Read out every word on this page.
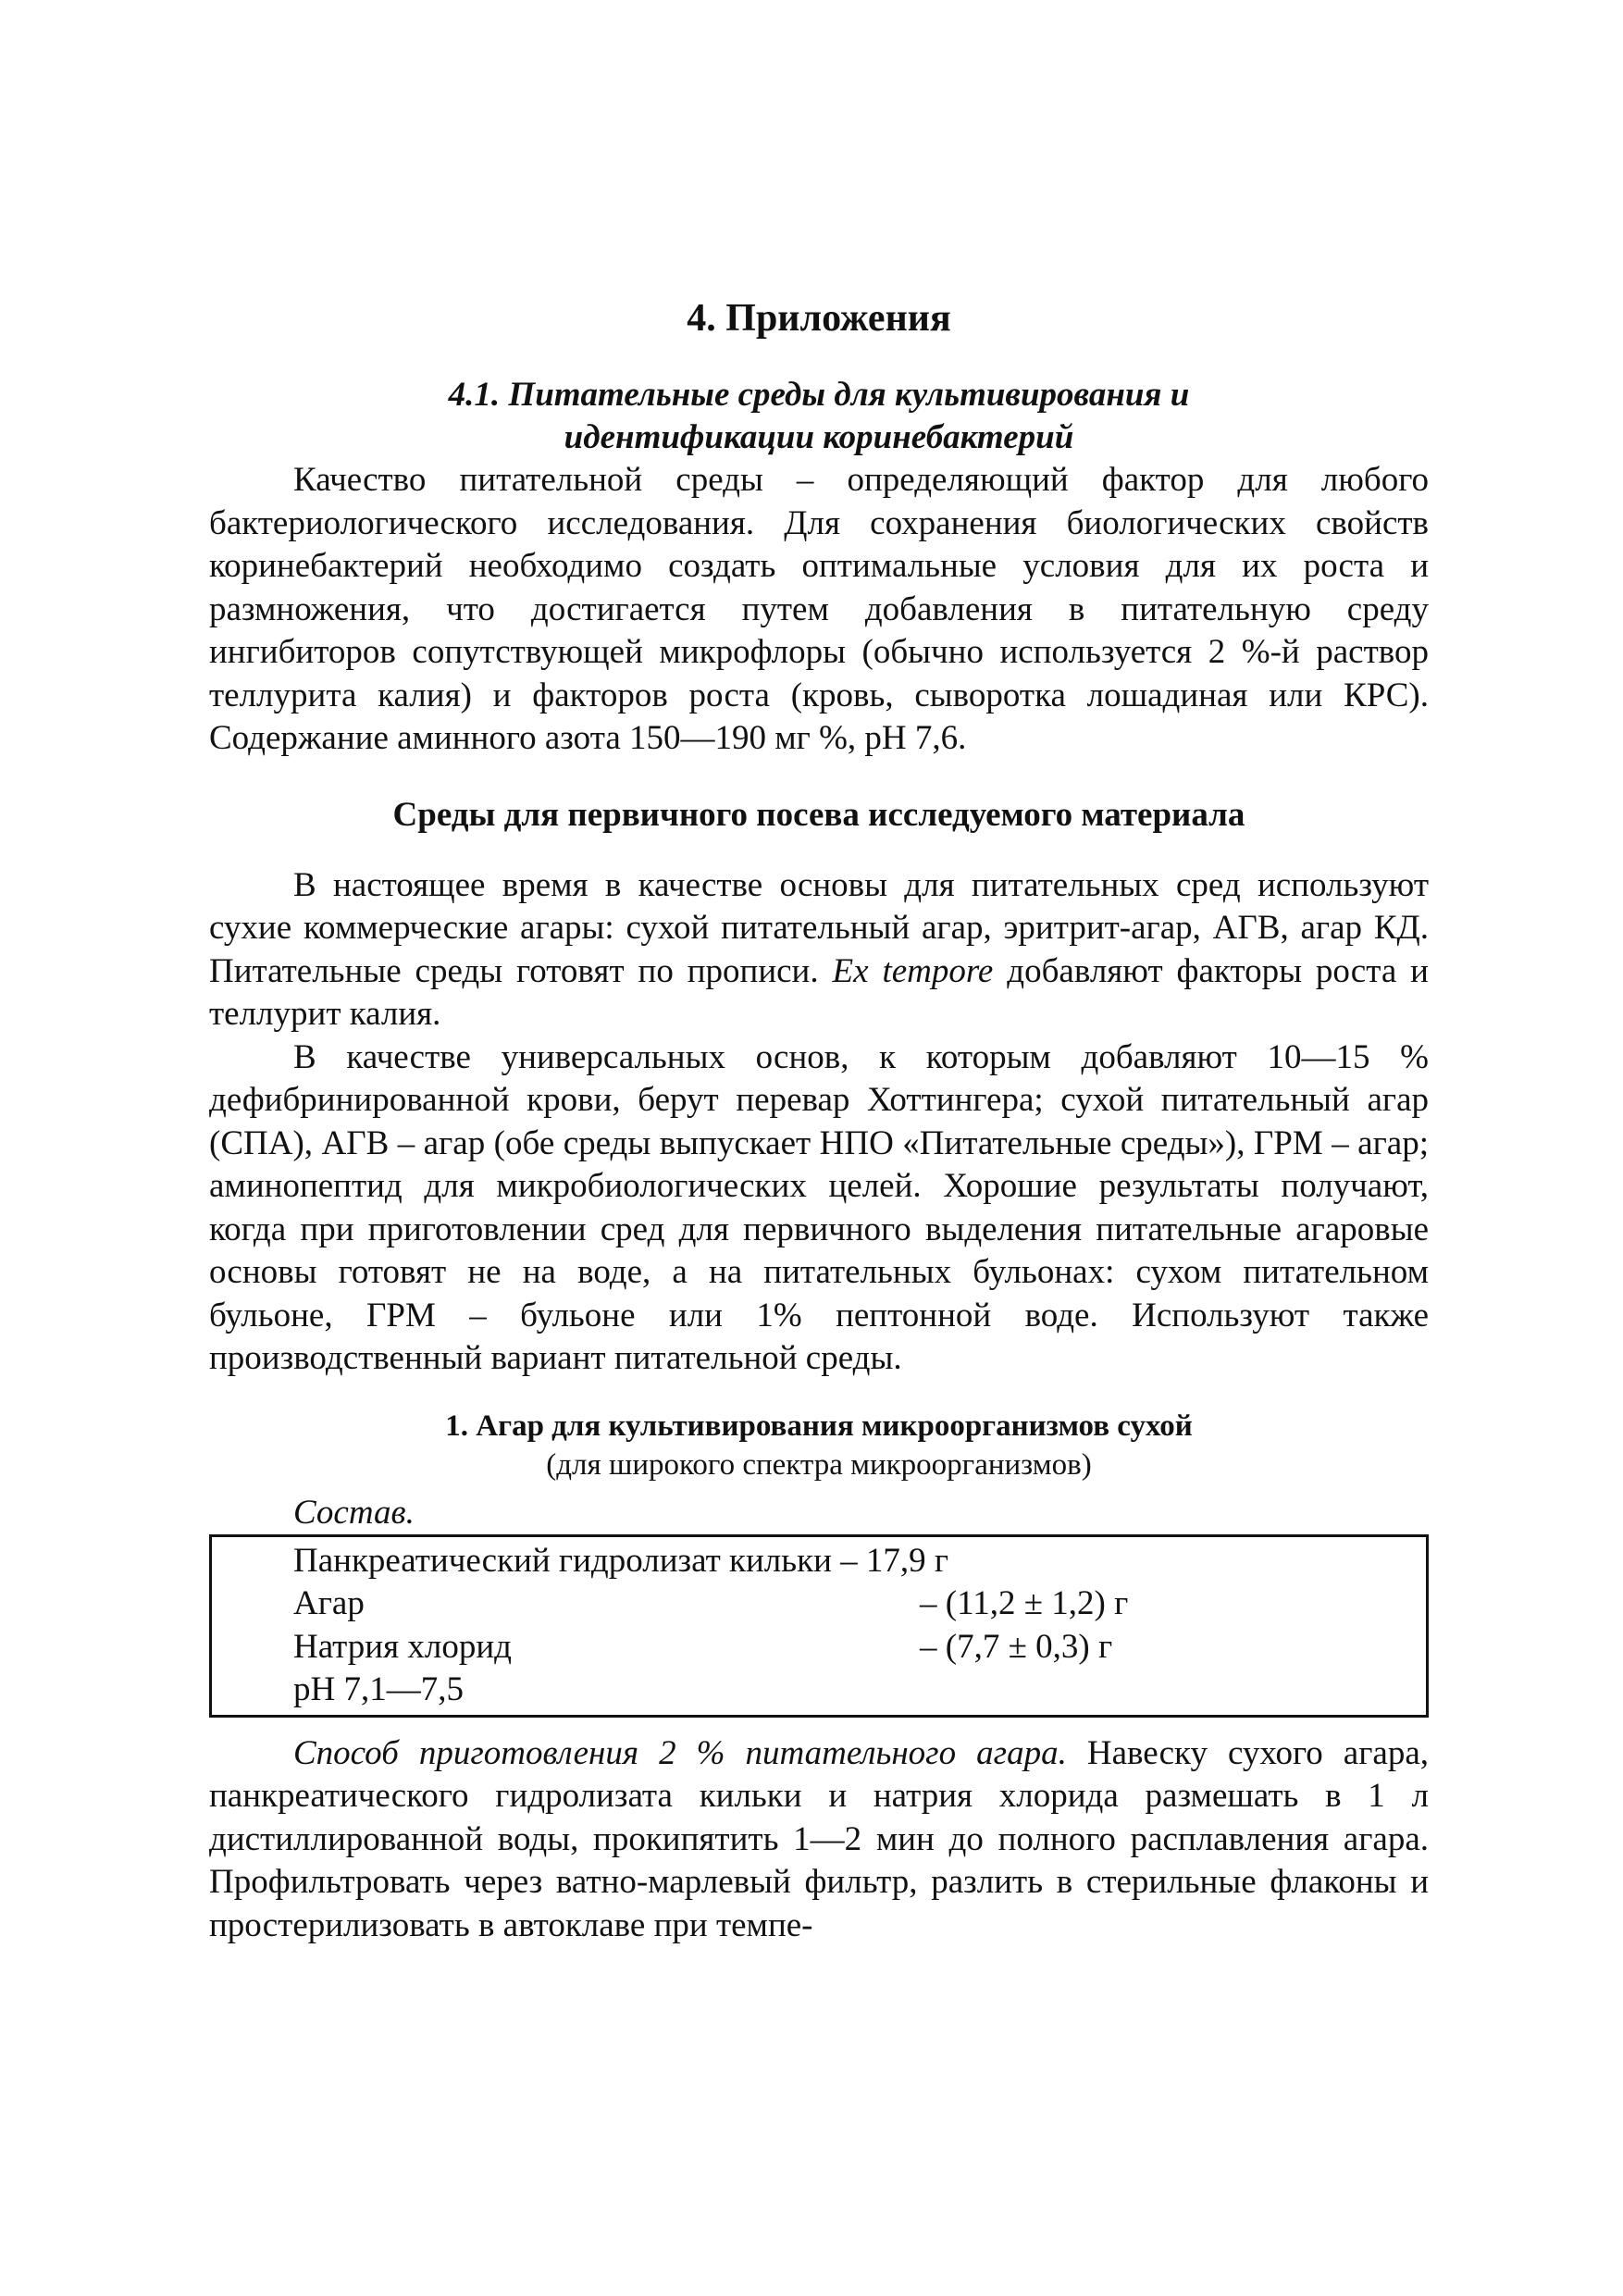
4. Приложения
4.1. Питательные среды для культивирования и
идентификации коринебактерий

Качество питательной среды – определяющий фактор для любого бактериологического исследования. Для сохранения биологических свойств коринебактерий необходимо создать оптимальные условия для их роста и размножения, что достигается путем добавления в питательную среду ингибиторов сопутствующей микрофлоры (обычно используется 2 %-й раствор теллурита калия) и факторов роста (кровь, сыворотка лошадиная или КРС). Содержание аминного азота 150—190 мг %, рН 7,6.

Среды для первичного посева исследуемого материала

В настоящее время в качестве основы для питательных сред используют сухие коммерческие агары: сухой питательный агар, эритрит-агар, АГВ, агар КД. Питательные среды готовят по прописи. Ex tempore добавляют факторы роста и теллурит калия.

В качестве универсальных основ, к которым добавляют 10—15 % дефибринированной крови, берут перевар Хоттингера; сухой питательный агар (СПА), АГВ – агар (обе среды выпускает НПО «Питательные среды»), ГРМ – агар; аминопептид для микробиологических целей. Хорошие результаты получают, когда при приготовлении сред для первичного выделения питательные агаровые основы готовят не на воде, а на питательных бульонах: сухом питательном бульоне, ГРМ – бульоне или 1% пептонной воде. Используют также производственный вариант питательной среды.

1. Агар для культивирования микроорганизмов сухой
(для широкого спектра микроорганизмов)
Состав.
Панкреатический гидролизат кильки – 17,9 г
Агар	– (11,2 ± 1,2) г
Натрия хлорид	– (7,7 ± 0,3) г
рН 7,1—7,5

Способ приготовления 2 % питательного агара. Навеску сухого агара, панкреатического гидролизата кильки и натрия хлорида размешать в 1 л дистиллированной воды, прокипятить 1—2 мин до полного расплавления агара. Профильтровать через ватно-марлевый фильтр, разлить в стерильные флаконы и простерилизовать в автоклаве при темпе-
